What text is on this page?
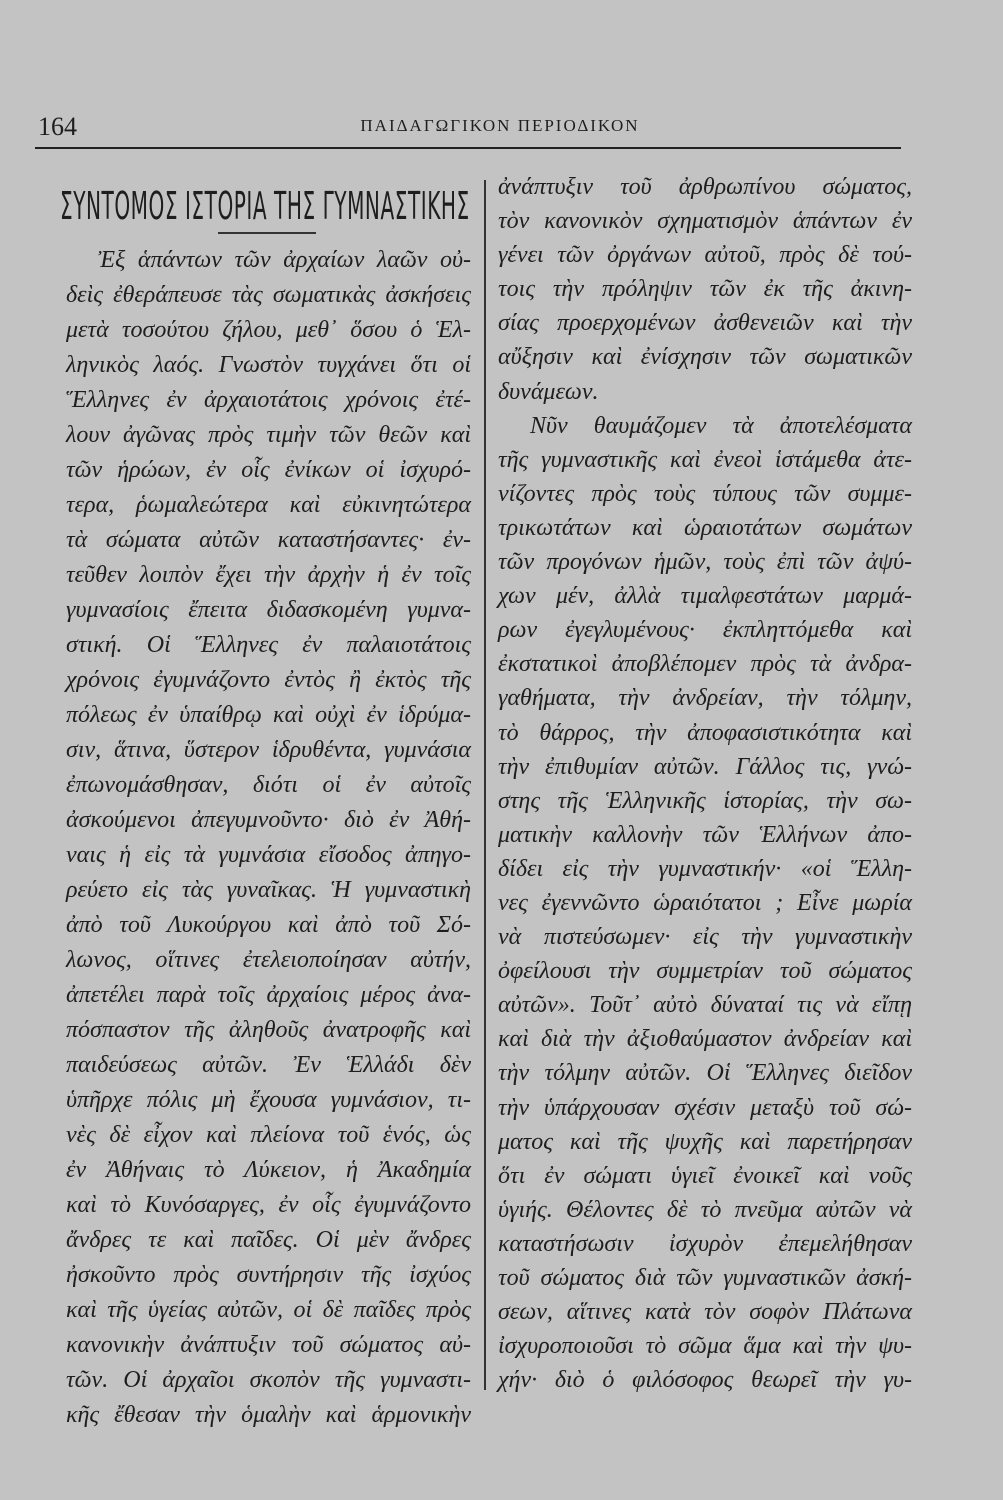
164	ΠΑΙΔΑΓΩΓΙΚΟΝ ΠΕΡΙΟΔΙΚΟΝ
ΣΥΝΤΟΜΟΣ ΙΣΤΟΡΙΑ ΤΗΣ ΓΥΜΝΑΣΤΙΚΗΣ
Ἐξ ἁπάντων τῶν ἀρχαίων λαῶν οὐ-
δεὶς ἐθεράπευσε τὰς σωματικὰς ἀσκήσεις
μετὰ τοσούτου ζήλου, μεθ᾿ ὅσου ὁ Ἑλ-
ληνικὸς λαός. Γνωστὸν τυγχάνει ὅτι οἱ
Ἕλληνες ἐν ἀρχαιοτάτοις χρόνοις ἐτέ-
λουν ἀγῶνας πρὸς τιμὴν τῶν θεῶν καὶ
τῶν ἡρώων, ἐν οἷς ἐνίκων οἱ ἰσχυρό-
τερα, ῥωμαλεώτερα καὶ εὐκινητώτερα
τὰ σώματα αὐτῶν καταστήσαντες· ἐν-
τεῦθεν λοιπὸν ἔχει τὴν ἀρχὴν ἡ ἐν τοῖς
γυμνασίοις ἔπειτα διδασκομένη γυμνα-
στική. Οἱ Ἕλληνες ἐν παλαιοτάτοις
χρόνοις ἐγυμνάζοντο ἐντὸς ἢ ἐκτὸς τῆς
πόλεως ἐν ὑπαίθρῳ καὶ οὐχὶ ἐν ἱδρύμα-
σιν, ἅτινα, ὕστερον ἱδρυθέντα, γυμνάσια
ἐπωνομάσθησαν, διότι οἱ ἐν αὐτοῖς
ἀσκούμενοι ἀπεγυμνοῦντο· διὸ ἐν Ἀθή-
ναις ἡ εἰς τὰ γυμνάσια εἴσοδος ἀπηγο-
ρεύετο εἰς τὰς γυναῖκας. Ἡ γυμναστικὴ
ἀπὸ τοῦ Λυκούργου καὶ ἀπὸ τοῦ Σό-
λωνος, οἵτινες ἐτελειοποίησαν αὐτήν,
ἀπετέλει παρὰ τοῖς ἀρχαίοις μέρος ἀνα-
πόσπαστον τῆς ἀληθοῦς ἀνατροφῆς καὶ
παιδεύσεως αὐτῶν. Ἐν Ἑλλάδι δὲν
ὑπῆρχε πόλις μὴ ἔχουσα γυμνάσιον, τι-
νὲς δὲ εἶχον καὶ πλείονα τοῦ ἑνός, ὡς
ἐν Ἀθήναις τὸ Λύκειον, ἡ Ἀκαδημία
καὶ τὸ Κυνόσαργες, ἐν οἷς ἐγυμνάζοντο
ἄνδρες τε καὶ παῖδες. Οἱ μὲν ἄνδρες
ἠσκοῦντο πρὸς συντήρησιν τῆς ἰσχύος
καὶ τῆς ὑγείας αὐτῶν, οἱ δὲ παῖδες πρὸς
κανονικὴν ἀνάπτυξιν τοῦ σώματος αὐ-
τῶν. Οἱ ἀρχαῖοι σκοπὸν τῆς γυμναστι-
κῆς ἔθεσαν τὴν ὁμαλὴν καὶ ἁρμονικὴν
ἀνάπτυξιν τοῦ ἀρθρωπίνου σώματος,
τὸν κανονικὸν σχηματισμὸν ἁπάντων ἐν
γένει τῶν ὀργάνων αὐτοῦ, πρὸς δὲ τού-
τοις τὴν πρόληψιν τῶν ἐκ τῆς ἀκινη-
σίας προερχομένων ἀσθενειῶν καὶ τὴν
αὔξησιν καὶ ἐνίσχησιν τῶν σωματικῶν
δυνάμεων.
Νῦν θαυμάζομεν τὰ ἀποτελέσματα
τῆς γυμναστικῆς καὶ ἐνεοὶ ἱστάμεθα ἀτε-
νίζοντες πρὸς τοὺς τύπους τῶν συμμε-
τρικωτάτων καὶ ὡραιοτάτων σωμάτων
τῶν προγόνων ἡμῶν, τοὺς ἐπὶ τῶν ἀψύ-
χων μέν, ἀλλὰ τιμαλφεστάτων μαρμά-
ρων ἐγεγλυμένους· ἐκπληττόμεθα καὶ
ἐκστατικοὶ ἀποβλέπομεν πρὸς τὰ ἀνδρα-
γαθήματα, τὴν ἀνδρείαν, τὴν τόλμην,
τὸ θάρρος, τὴν ἀποφασιστικότητα καὶ
τὴν ἐπιθυμίαν αὐτῶν. Γάλλος τις, γνώ-
στης τῆς Ἑλληνικῆς ἱστορίας, τὴν σω-
ματικὴν καλλονὴν τῶν Ἑλλήνων ἀπο-
δίδει εἰς τὴν γυμναστικήν· «οἱ Ἕλλη-
νες ἐγεννῶντο ὡραιότατοι ; Εἶνε μωρία
νὰ πιστεύσωμεν· εἰς τὴν γυμναστικὴν
ὀφείλουσι τὴν συμμετρίαν τοῦ σώματος
αὐτῶν». Τοῦτ᾿ αὐτὸ δύναταί τις νὰ εἴπῃ
καὶ διὰ τὴν ἀξιοθαύμαστον ἀνδρείαν καὶ
τὴν τόλμην αὐτῶν. Οἱ Ἕλληνες διεῖδον
τὴν ὑπάρχουσαν σχέσιν μεταξὺ τοῦ σώ-
ματος καὶ τῆς ψυχῆς καὶ παρετήρησαν
ὅτι ἐν σώματι ὑγιεῖ ἐνοικεῖ καὶ νοῦς
ὑγιής. Θέλοντες δὲ τὸ πνεῦμα αὐτῶν νὰ
καταστήσωσιν ἰσχυρὸν ἐπεμελήθησαν
τοῦ σώματος διὰ τῶν γυμναστικῶν ἀσκή-
σεων, αἵτινες κατὰ τὸν σοφὸν Πλάτωνα
ἰσχυροποιοῦσι τὸ σῶμα ἅμα καὶ τὴν ψυ-
χήν· διὸ ὁ φιλόσοφος θεωρεῖ τὴν γυ-
